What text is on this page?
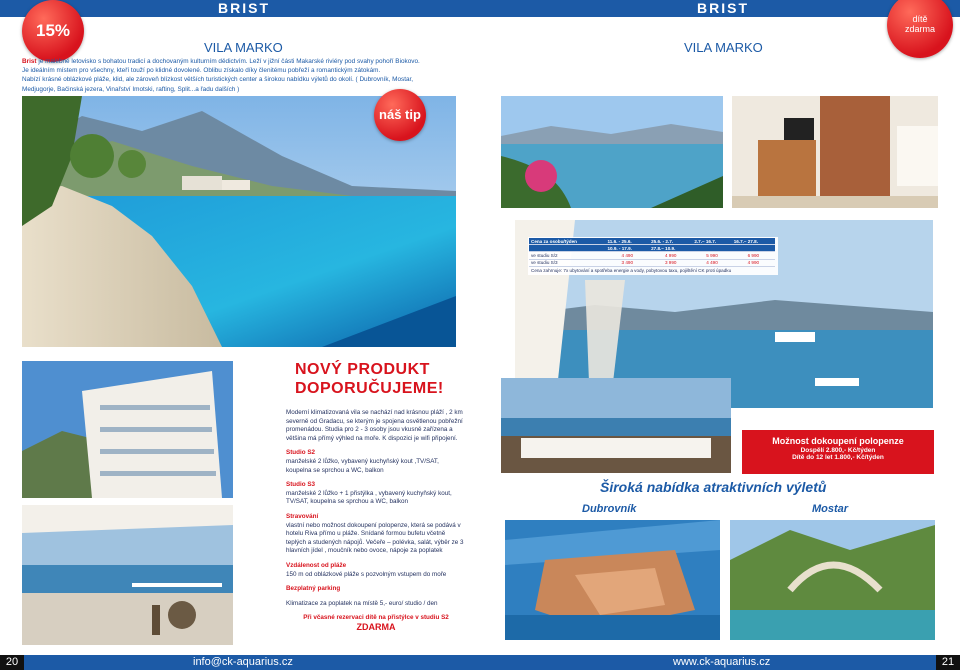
BRIST	BRIST
15%
dítě
zdarma
VILA MARKO	VILA MARKO
Brist je malebné letovisko s bohatou tradicí a dochovaným kulturním dědictvím. Leží v jižní části Makarské riviéry pod svahy pohoří Biokovo.
Je ideálním místem pro všechny, kteří touží po klidné dovolené. Oblibu získalo díky členitému pobřeží a romantickým zátokám.
Nabízí krásné oblázkové pláže, klid, ale zároveň blízkost větších turistických center a širokou nabídku výletů do okolí. ( Dubrovník, Mostar,
Medjugorje, Bačinská jezera, Vinařství Imotski, rafting, Split...a řadu dalších )
náš tip
Cena za osobu/týden	11.6. - 25.6.	25.6. - 2.7.	2.7.– 16.7.	16.7.– 27.8.
	10.9. - 17.9.	27.8.– 10.9.		
ve studiu S/2	4 490	4 990	5 990	6 990
ve studiu S/3	3 490	3 990	4 490	4 990
Cena zahrnuje: 7x ubytování a spotřeba energie a vody, pobytovou taxu, pojištění CK proti úpadku
NOVÝ PRODUKT
DOPORUČUJEME!

Moderní klimatizovaná vila se nachází nad krásnou pláží , 2 km severně od Gradacu, se kterým je spojena osvětlenou pobřežní promenádou. Studia pro 2 - 3 osoby jsou vkusně zařízena a většina má přímý výhled na moře. K dispozici je wifi připojení.

Studio S2
manželské 2 lůžko, vybavený kuchyňský kout ,TV/SAT, koupelna se sprchou a WC, balkon

Studio S3
manželské 2 lůžko + 1 přistýlka , vybavený kuchyňský kout, TV/SAT, koupelna se sprchou a WC, balkon

Stravování
vlastní nebo možnost dokoupení polopenze, která se podává v hotelu Riva přímo u pláže. Snídaně formou bufetu včetně teplých a studených nápojů. Večeře – polévka, salát, výběr ze 3 hlavních jídel , moučník nebo ovoce, nápoje za poplatek

Vzdálenost od pláže
150 m od oblázkové pláže s pozvolným vstupem do moře

Bezplatný parking

Klimatizace za poplatek na místě 5,- euro/ studio / den

Při včasné rezervaci dítě na přistýlce v studiu S2
ZDARMA
Možnost dokoupení polopenze
Dospělí 2.800,- Kč/týden
Dítě do 12 let 1.800,- Kč/týden
Široká nabídka atraktivních výletů
Dubrovník	Mostar
20	21
info@ck-aquarius.cz	www.ck-aquarius.cz
